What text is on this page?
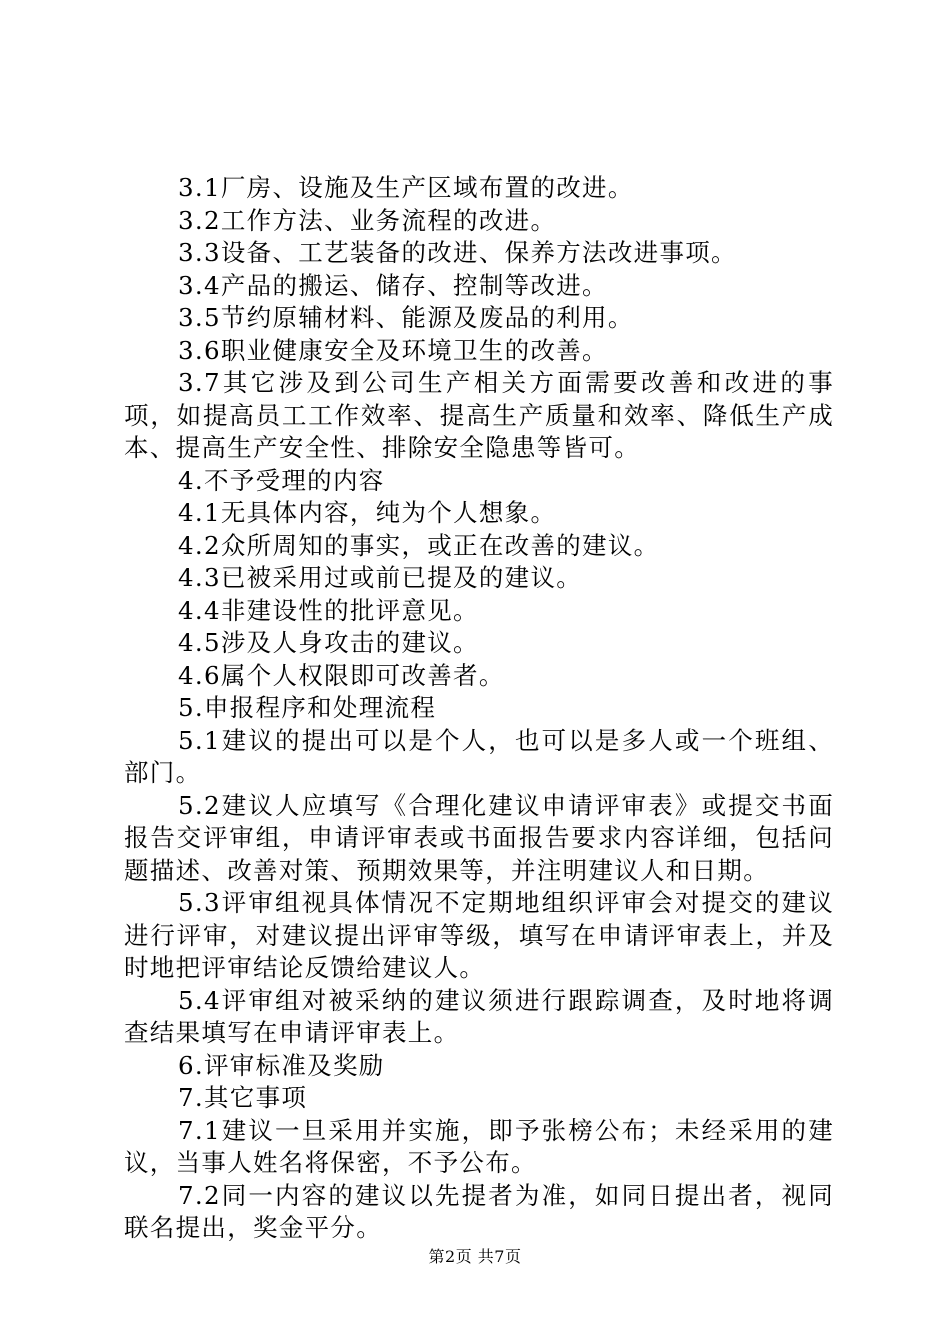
3.1厂房、设施及生产区域布置的改进。

3.2工作方法、业务流程的改进。

3.3设备、工艺装备的改进、保养方法改进事项。

3.4产品的搬运、储存、控制等改进。

3.5节约原辅材料、能源及废品的利用。

3.6职业健康安全及环境卫生的改善。

3.7其它涉及到公司生产相关方面需要改善和改进的事项，如提高员工工作效率、提高生产质量和效率、降低生产成本、提高生产安全性、排除安全隐患等皆可。

4.不予受理的内容

4.1无具体内容，纯为个人想象。

4.2众所周知的事实，或正在改善的建议。

4.3已被采用过或前已提及的建议。

4.4非建设性的批评意见。

4.5涉及人身攻击的建议。

4.6属个人权限即可改善者。

5.申报程序和处理流程

5.1建议的提出可以是个人，也可以是多人或一个班组、部门。

5.2建议人应填写《合理化建议申请评审表》或提交书面报告交评审组，申请评审表或书面报告要求内容详细，包括问题描述、改善对策、预期效果等，并注明建议人和日期。

5.3评审组视具体情况不定期地组织评审会对提交的建议进行评审，对建议提出评审等级，填写在申请评审表上，并及时地把评审结论反馈给建议人。

5.4评审组对被采纳的建议须进行跟踪调查，及时地将调查结果填写在申请评审表上。

6.评审标准及奖励

7.其它事项

7.1建议一旦采用并实施，即予张榜公布；未经采用的建议，当事人姓名将保密，不予公布。

7.2同一内容的建议以先提者为准，如同日提出者，视同联名提出，奖金平分。

第2页 共7页
